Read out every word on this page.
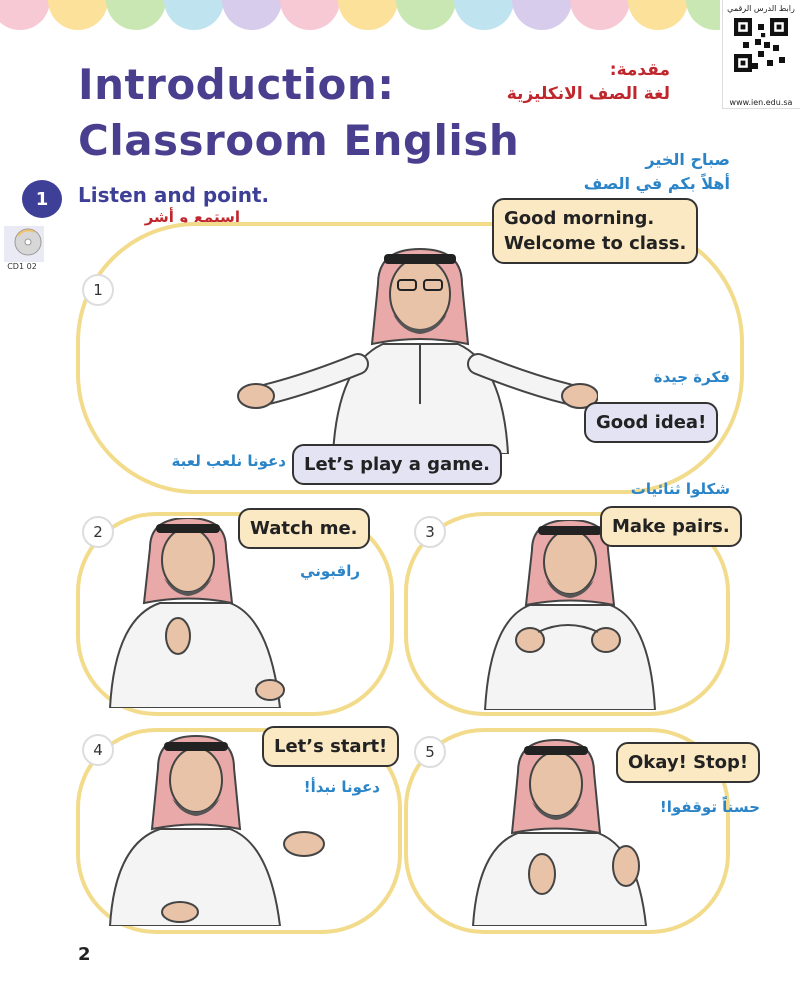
رابط الدرس الرقمي
www.ien.edu.sa
Introduction:
Classroom English
مقدمة:
لغة الصف الانكليزية
1	Listen and point.
استمع و أشر
CD1 02
1
Good morning.
Welcome to class.
صباح الخير
أهلاً بكم في الصف
Let’s play a game.
دعونا نلعب لعبة
Good idea!
فكرة جيدة
2	Watch me.
راقبوني
3	Make pairs.
شكلوا ثنائيات
4	Let’s start!
دعونا نبدأ!
5	Okay! Stop!
حسناً توقفوا!
2
